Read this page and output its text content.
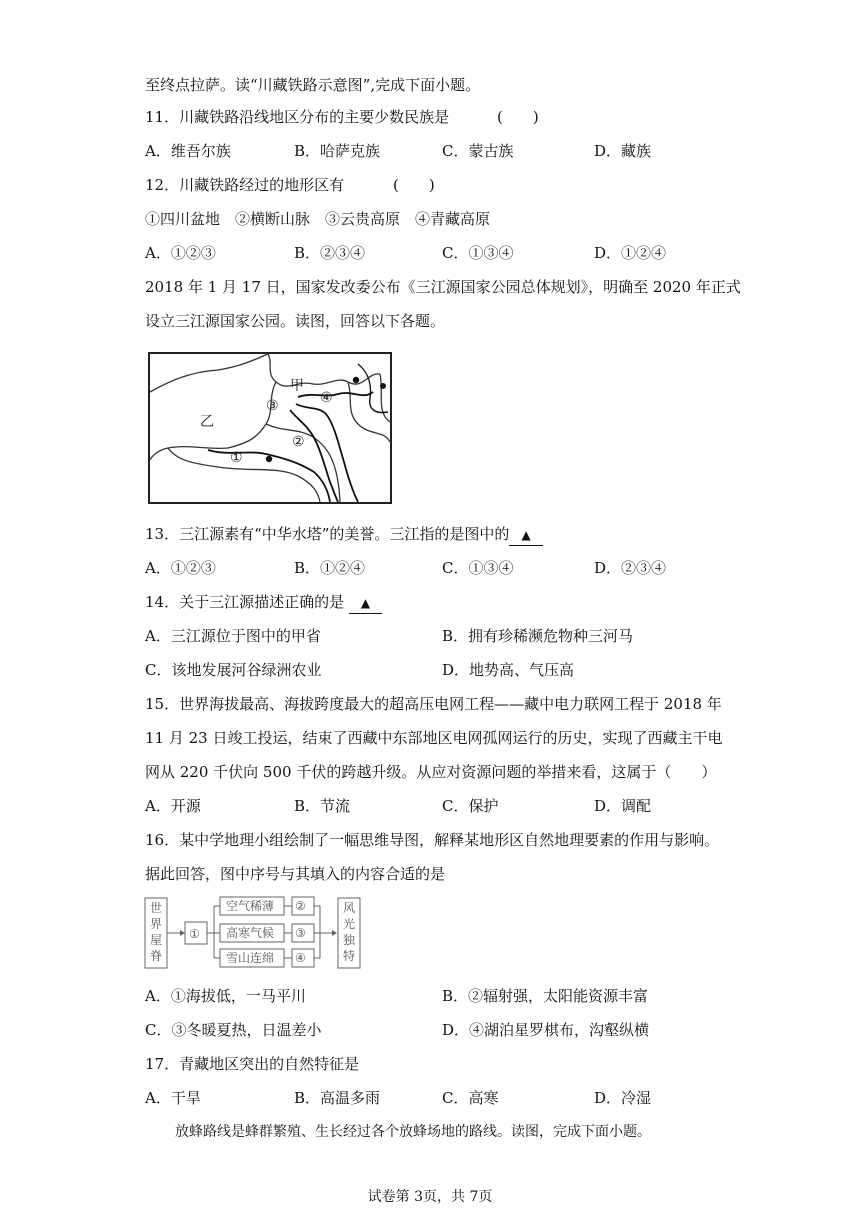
至终点拉萨。读“川藏铁路示意图”,完成下面小题。
11．川藏铁路沿线地区分布的主要少数民族是	(　　)
A．维吾尔族	B．哈萨克族	C．蒙古族	D．藏族
12．川藏铁路经过的地形区有	(　　)
①四川盆地　②横断山脉　③云贵高原　④青藏高原
A．①②③	B．②③④	C．①③④	D．①②④
2018 年 1 月 17 日，国家发改委公布《三江源国家公园总体规划》，明确至 2020 年正式
设立三江源国家公园。读图，回答以下各题。
甲
乙
①
②
③	④
13．三江源素有“中华水塔”的美誉。三江指的是图中的 ▲
A．①②③	B．①②④	C．①③④	D．②③④
14．关于三江源描述正确的是 ▲
A．三江源位于图中的甲省	B．拥有珍稀濒危物种三河马
C．该地发展河谷绿洲农业	D．地势高、气压高
15．世界海拔最高、海拔跨度最大的超高压电网工程——藏中电力联网工程于 2018 年
11 月 23 日竣工投运，结束了西藏中东部地区电网孤网运行的历史，实现了西藏主干电
网从 220 千伏向 500 千伏的跨越升级。从应对资源问题的举措来看，这属于（　　）
A．开源	B．节流	C．保护	D．调配
16．某中学地理小组绘制了一幅思维导图，解释某地形区自然地理要素的作用与影响。
据此回答，图中序号与其填入的内容合适的是
世
界
屋
脊
①
空气稀薄
高寒气候
雪山连绵
②
③
④
风
光
独
特
A．①海拔低，一马平川	B．②辐射强，太阳能资源丰富
C．③冬暖夏热，日温差小	D．④湖泊星罗棋布，沟壑纵横
17．青藏地区突出的自然特征是
A．干旱	B．高温多雨	C．高寒	D．冷湿
放蜂路线是蜂群繁殖、生长经过各个放蜂场地的路线。读图，完成下面小题。
试卷第 3页，共 7页
